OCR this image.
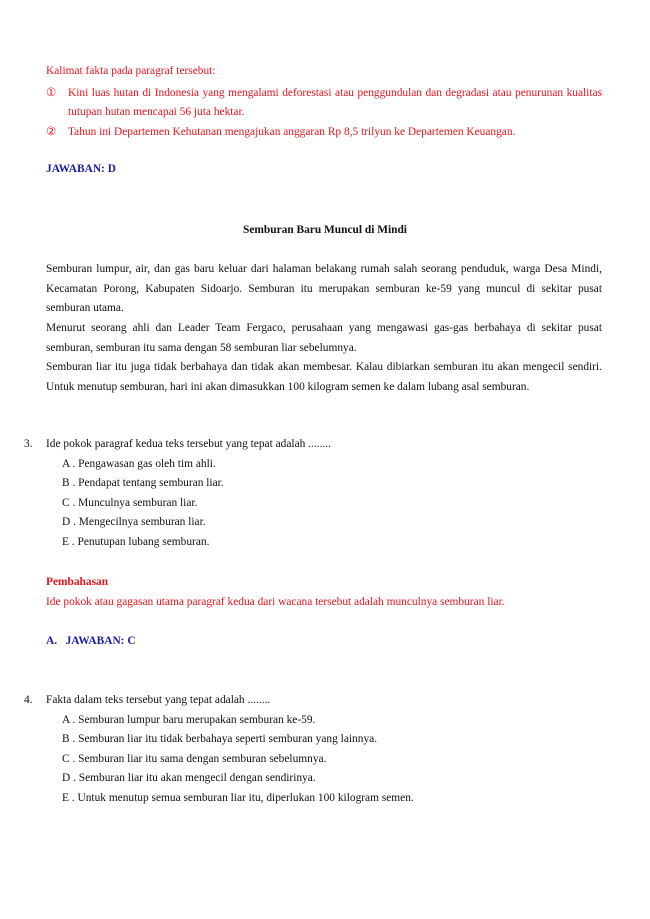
Kalimat fakta pada paragraf tersebut:
①	Kini luas hutan di Indonesia yang mengalami deforestasi atau penggundulan dan degradasi atau penurunan kualitas tutupan hutan mencapai 56 juta hektar.
②	Tahun ini Departemen Kehutanan mengajukan anggaran Rp 8,5 trilyun ke Departemen Keuangan.
JAWABAN: D
Semburan Baru Muncul di Mindi

Semburan lumpur, air, dan gas baru keluar dari halaman belakang rumah salah seorang penduduk, warga Desa Mindi, Kecamatan Porong, Kabupaten Sidoarjo. Semburan itu merupakan semburan ke-59 yang muncul di sekitar pusat semburan utama.

Menurut seorang ahli dan Leader Team Fergaco, perusahaan yang mengawasi gas-gas berbahaya di sekitar pusat semburan, semburan itu sama dengan 58 semburan liar sebelumnya.

Semburan liar itu juga tidak berbahaya dan tidak akan membesar. Kalau dibiarkan semburan itu akan mengecil sendiri. Untuk menutup semburan, hari ini akan dimasukkan 100 kilogram semen ke dalam lubang asal semburan.

3. Ide pokok paragraf kedua teks tersebut yang tepat adalah ........
A . Pengawasan gas oleh tim ahli.
B . Pendapat tentang semburan liar.
C . Munculnya semburan liar.
D . Mengecilnya semburan liar.
E . Penutupan lubang semburan.
Pembahasan
Ide pokok atau gagasan utama paragraf kedua dari wacana tersebut adalah munculnya semburan liar.
A.   JAWABAN: C
4. Fakta dalam teks tersebut yang tepat adalah ........
A . Semburan lumpur baru merupakan semburan ke-59.
B . Semburan liar itu tidak berbahaya seperti semburan yang lainnya.
C . Semburan liar itu sama dengan semburan sebelumnya.
D . Semburan liar itu akan mengecil dengan sendirinya.
E . Untuk menutup semua semburan liar itu, diperlukan 100 kilogram semen.
